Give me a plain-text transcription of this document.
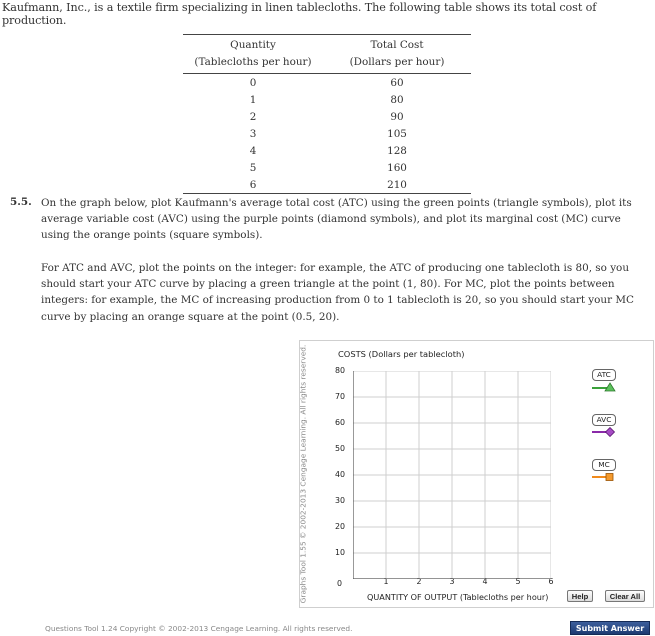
Kaufmann, Inc., is a textile firm specializing in linen tablecloths. The following table shows its total cost of production.
Quantity	Total Cost
(Tablecloths per hour)	(Dollars per hour)
0	60
1	80
2	90
3	105
4	128
5	160
6	210
5.5. On the graph below, plot Kaufmann's average total cost (ATC) using the green points (triangle symbols), plot its average variable cost (AVC) using the purple points (diamond symbols), and plot its marginal cost (MC) curve using the orange points (square symbols).

For ATC and AVC, plot the points on the integer: for example, the ATC of producing one tablecloth is 80, so you should start your ATC curve by placing a green triangle at the point (1, 80). For MC, plot the points between integers: for example, the MC of increasing production from 0 to 1 tablecloth is 20, so you should start your MC curve by placing an orange square at the point (0.5, 20).

Graphs Tool 1.55 © 2002-2013 Cengage Learning. All rights reserved.	COSTS (Dollars per tablecloth)
80
70
60
50
40
30
20
10
1	2	3	4	5	6
0
QUANTITY OF OUTPUT (Tablecloths per hour)
ATC
AVC
MC
Help	Clear All
Questions Tool 1.24 Copyright © 2002-2013 Cengage Learning. All rights reserved.	Submit Answer
